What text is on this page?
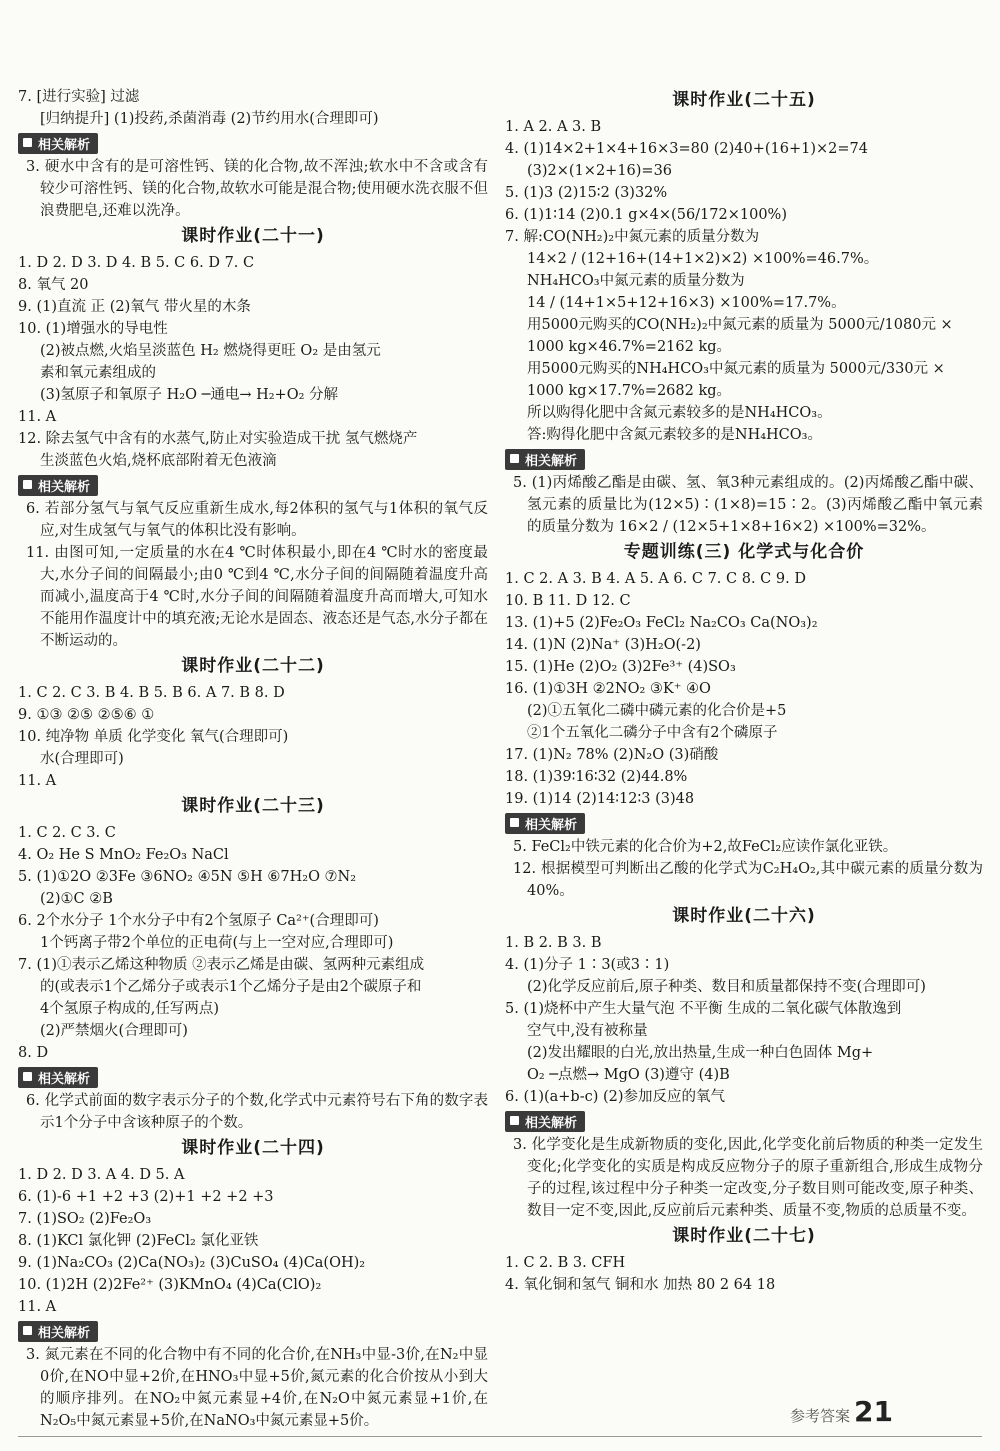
7. [进行实验] 过滤
[归纳提升] (1)投药,杀菌消毒 (2)节约用水(合理即可)
相关解析
3. 硬水中含有的是可溶性钙、镁的化合物,故不浑浊;软水中不含或含有较少可溶性钙、镁的化合物,故软水可能是混合物;使用硬水洗衣服不但浪费肥皂,还难以洗净。
课时作业(二十一)
1. D 2. D 3. D 4. B 5. C 6. D 7. C
8. 氧气 20
9. (1)直流 正 (2)氧气 带火星的木条
10. (1)增强水的导电性
(2)被点燃,火焰呈淡蓝色 H₂ 燃烧得更旺 O₂ 是由氢元
素和氧元素组成的
(3)氢原子和氧原子 H₂O ─通电→ H₂+O₂ 分解
11. A
12. 除去氢气中含有的水蒸气,防止对实验造成干扰 氢气燃烧产
生淡蓝色火焰,烧杯底部附着无色液滴
相关解析
6. 若部分氢气与氧气反应重新生成水,每2体积的氢气与1体积的氧气反应,对生成氢气与氧气的体积比没有影响。
11. 由图可知,一定质量的水在4 ℃时体积最小,即在4 ℃时水的密度最大,水分子间的间隔最小;由0 ℃到4 ℃,水分子间的间隔随着温度升高而减小,温度高于4 ℃时,水分子间的间隔随着温度升高而增大,可知水不能用作温度计中的填充液;无论水是固态、液态还是气态,水分子都在不断运动的。
课时作业(二十二)
1. C 2. C 3. B 4. B 5. B 6. A 7. B 8. D
9. ①③ ②⑤ ②⑤⑥ ①
10. 纯净物 单质 化学变化 氧气(合理即可)
水(合理即可)
11. A
课时作业(二十三)
1. C 2. C 3. C
4. O₂ He S MnO₂ Fe₂O₃ NaCl
5. (1)①2O ②3Fe ③6NO₂ ④5N ⑤H ⑥7H₂O ⑦N₂
(2)①C ②B
6. 2个水分子 1个水分子中有2个氢原子 Ca²⁺(合理即可)
1个钙离子带2个单位的正电荷(与上一空对应,合理即可)
7. (1)①表示乙烯这种物质 ②表示乙烯是由碳、氢两种元素组成
的(或表示1个乙烯分子或表示1个乙烯分子是由2个碳原子和
4个氢原子构成的,任写两点)
(2)严禁烟火(合理即可)
8. D
相关解析
6. 化学式前面的数字表示分子的个数,化学式中元素符号右下角的数字表示1个分子中含该种原子的个数。
课时作业(二十四)
1. D 2. D 3. A 4. D 5. A
6. (1)-6 +1 +2 +3 (2)+1 +2 +2 +3
7. (1)SO₂ (2)Fe₂O₃
8. (1)KCl 氯化钾 (2)FeCl₂ 氯化亚铁
9. (1)Na₂CO₃ (2)Ca(NO₃)₂ (3)CuSO₄ (4)Ca(OH)₂
10. (1)2H (2)2Fe²⁺ (3)KMnO₄ (4)Ca(ClO)₂
11. A
相关解析
3. 氮元素在不同的化合物中有不同的化合价,在NH₃中显-3价,在N₂中显0价,在NO中显+2价,在HNO₃中显+5价,氮元素的化合价按从小到大的顺序排列。在NO₂中氮元素显+4价,在N₂O中氮元素显+1价,在N₂O₅中氮元素显+5价,在NaNO₃中氮元素显+5价。
课时作业(二十五)
1. A 2. A 3. B
4. (1)14×2+1×4+16×3=80 (2)40+(16+1)×2=74
(3)2×(1×2+16)=36
5. (1)3 (2)15∶2 (3)32%
6. (1)1∶14 (2)0.1 g×4×(56/172×100%)
7. 解:CO(NH₂)₂中氮元素的质量分数为
14×2 / (12+16+(14+1×2)×2) ×100%=46.7%。
NH₄HCO₃中氮元素的质量分数为
14 / (14+1×5+12+16×3) ×100%=17.7%。
用5000元购买的CO(NH₂)₂中氮元素的质量为 5000元/1080元 ×
1000 kg×46.7%=2162 kg。
用5000元购买的NH₄HCO₃中氮元素的质量为 5000元/330元 ×
1000 kg×17.7%=2682 kg。
所以购得化肥中含氮元素较多的是NH₄HCO₃。
答:购得化肥中含氮元素较多的是NH₄HCO₃。
相关解析
5. (1)丙烯酸乙酯是由碳、氢、氧3种元素组成的。(2)丙烯酸乙酯中碳、氢元素的质量比为(12×5)∶(1×8)=15∶2。(3)丙烯酸乙酯中氧元素的质量分数为 16×2 / (12×5+1×8+16×2) ×100%=32%。
专题训练(三) 化学式与化合价
1. C 2. A 3. B 4. A 5. A 6. C 7. C 8. C 9. D
10. B 11. D 12. C
13. (1)+5 (2)Fe₂O₃ FeCl₂ Na₂CO₃ Ca(NO₃)₂
14. (1)N (2)Na⁺ (3)H₂O(-2)
15. (1)He (2)O₂ (3)2Fe³⁺ (4)SO₃
16. (1)①3H ②2NO₂ ③K⁺ ④O
(2)①五氧化二磷中磷元素的化合价是+5
②1个五氧化二磷分子中含有2个磷原子
17. (1)N₂ 78% (2)N₂O (3)硝酸
18. (1)39∶16∶32 (2)44.8%
19. (1)14 (2)14∶12∶3 (3)48
相关解析
5. FeCl₂中铁元素的化合价为+2,故FeCl₂应读作氯化亚铁。
12. 根据模型可判断出乙酸的化学式为C₂H₄O₂,其中碳元素的质量分数为40%。
课时作业(二十六)
1. B 2. B 3. B
4. (1)分子 1∶3(或3∶1)
(2)化学反应前后,原子种类、数目和质量都保持不变(合理即可)
5. (1)烧杯中产生大量气泡 不平衡 生成的二氧化碳气体散逸到
空气中,没有被称量
(2)发出耀眼的白光,放出热量,生成一种白色固体 Mg+
O₂ ─点燃→ MgO (3)遵守 (4)B
6. (1)(a+b-c) (2)参加反应的氧气
相关解析
3. 化学变化是生成新物质的变化,因此,化学变化前后物质的种类一定发生变化;化学变化的实质是构成反应物分子的原子重新组合,形成生成物分子的过程,该过程中分子种类一定改变,分子数目则可能改变,原子种类、数目一定不变,因此,反应前后元素种类、质量不变,物质的总质量不变。
课时作业(二十七)
1. C 2. B 3. CFH
4. 氧化铜和氢气 铜和水 加热 80 2 64 18
参考答案 21
